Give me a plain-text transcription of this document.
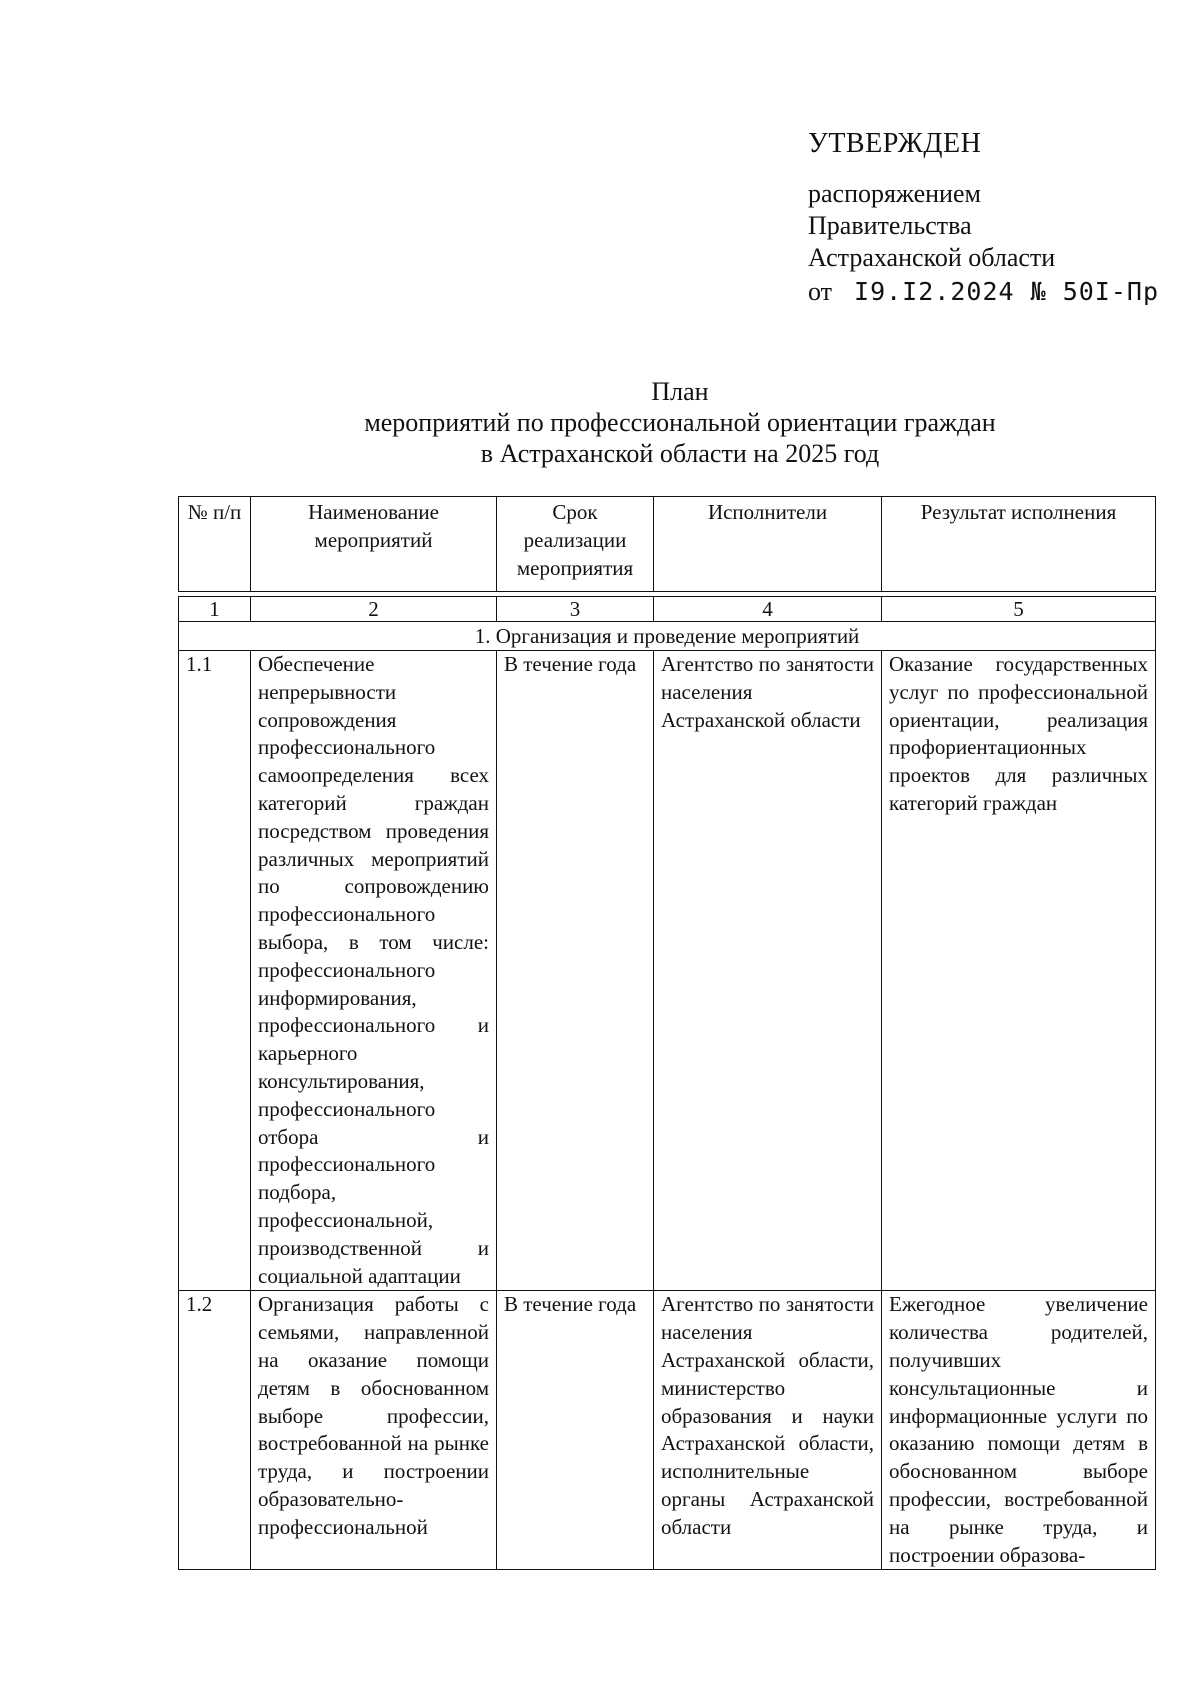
УТВЕРЖДЕН
распоряжением
Правительства
Астраханской области
от I9.I2.2024 № 50I-Пр
План
мероприятий по профессиональной ориентации граждан
в Астраханской области на 2025 год
№ п/п	Наименование мероприятий	Срок реализации мероприятия	Исполнители	Результат исполнения

1	2	3	4	5
1. Организация и проведение мероприятий				
1.1	Обеспечение непрерывности сопровождения профессионального самоопределения всех категорий граждан посредством проведения различных мероприятий по сопровождению профессионального выбора, в том числе: профессионального информирования, профессионального и карьерного консультирования, профессионального отбора и профессионального подбора, профессиональной, производственной и социальной адаптации	В течение года	Агентство по занятости населения Астраханской области	Оказание государственных услуг по профессиональной ориентации, реализация профориентационных проектов для различных категорий граждан
1.2	Организация работы с семьями, направленной на оказание помощи детям в обоснованном выборе профессии, востребованной на рынке труда, и построении образовательно-профессиональной	В течение года	Агентство по занятости населения Астраханской области, министерство образования и науки Астраханской области, исполнительные органы Астраханской области	Ежегодное увеличение количества родителей, получивших консультационные и информационные услуги по оказанию помощи детям в обоснованном выборе профессии, востребованной на рынке труда, и построении образова-
